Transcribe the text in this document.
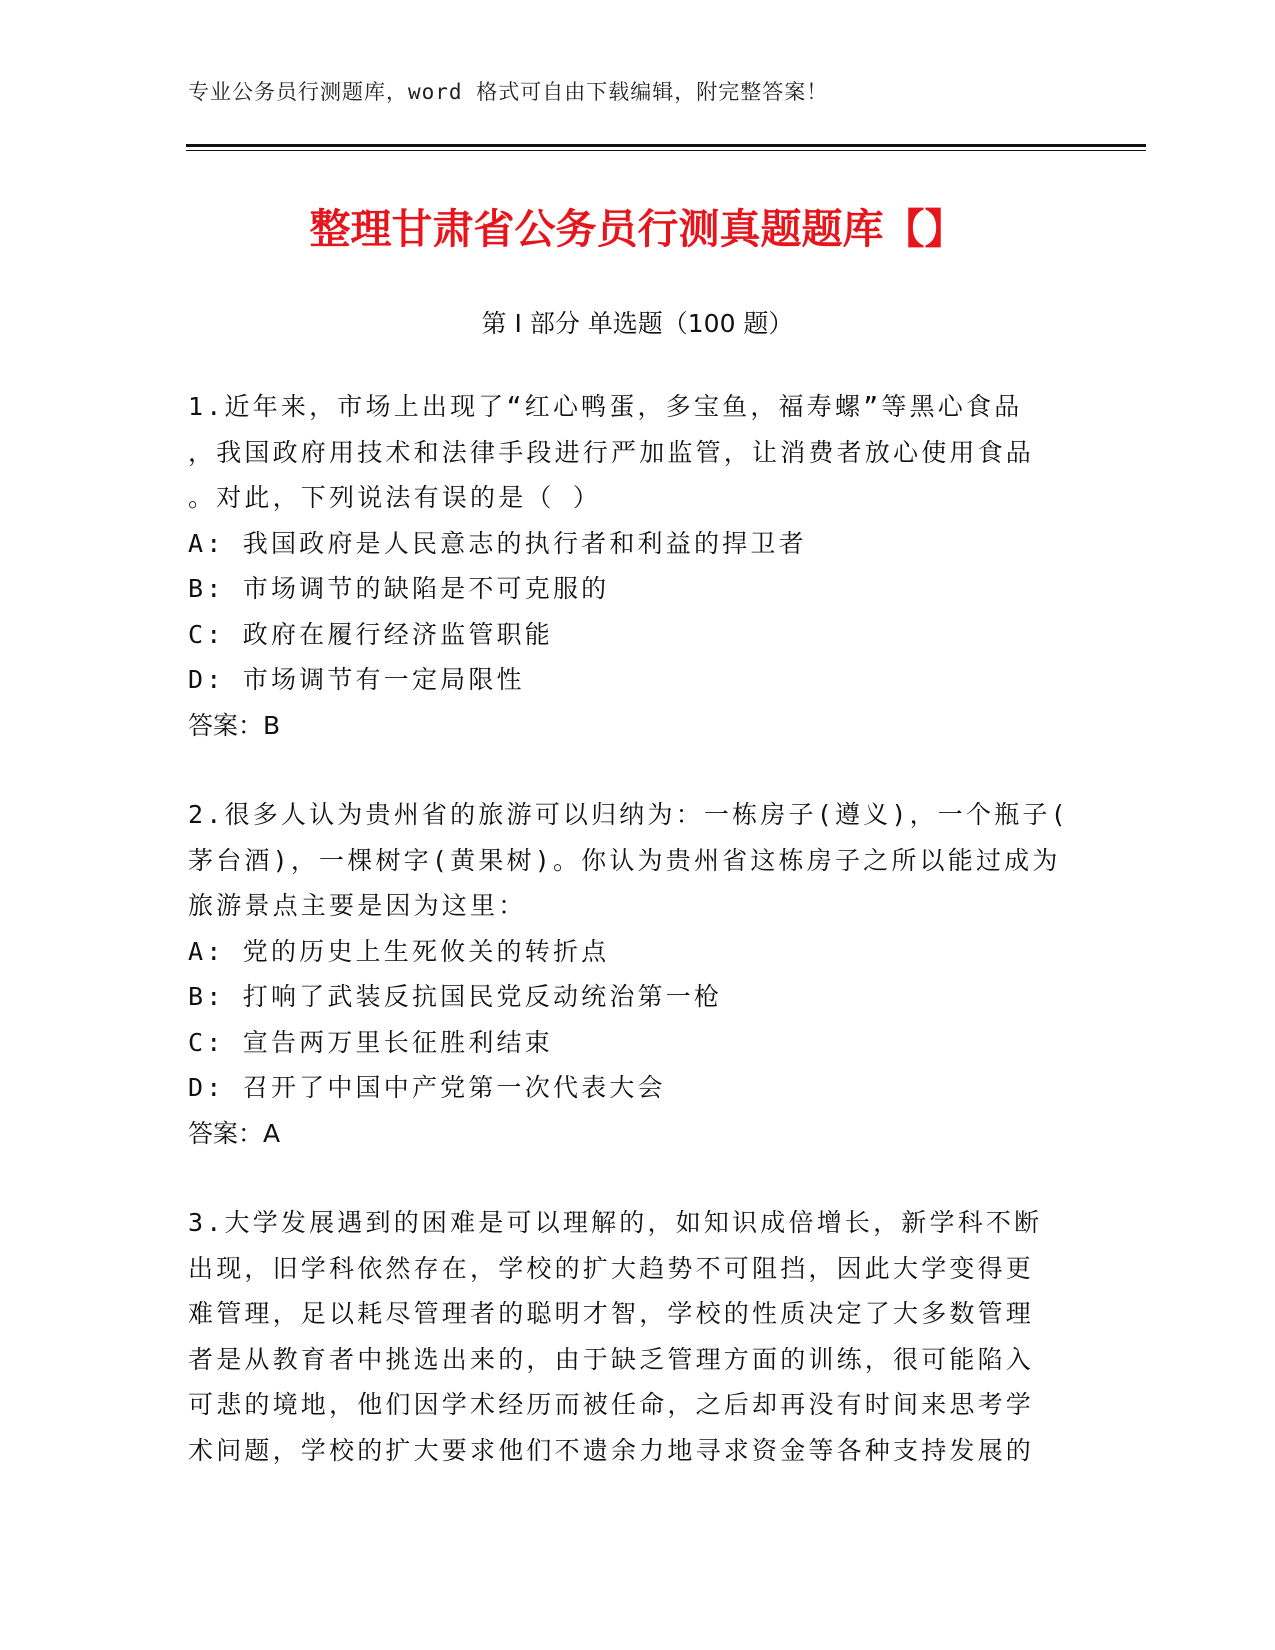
专业公务员行测题库，word 格式可自由下载编辑，附完整答案！
整理甘肃省公务员行测真题题库【】
第 I 部分 单选题（100 题）
1.近年来，市场上出现了“红心鸭蛋，多宝鱼，福寿螺”等黑心食品
，我国政府用技术和法律手段进行严加监管，让消费者放心使用食品
。对此，下列说法有误的是（ ）
A: 我国政府是人民意志的执行者和利益的捍卫者
B: 市场调节的缺陷是不可克服的
C: 政府在履行经济监管职能
D: 市场调节有一定局限性
答案：B
2.很多人认为贵州省的旅游可以归纳为：一栋房子(遵义)，一个瓶子(
茅台酒)，一棵树字(黄果树)。你认为贵州省这栋房子之所以能过成为
旅游景点主要是因为这里：
A: 党的历史上生死攸关的转折点
B: 打响了武装反抗国民党反动统治第一枪
C: 宣告两万里长征胜利结束
D: 召开了中国中产党第一次代表大会
答案：A
3.大学发展遇到的困难是可以理解的，如知识成倍增长，新学科不断
出现，旧学科依然存在，学校的扩大趋势不可阻挡，因此大学变得更
难管理，足以耗尽管理者的聪明才智，学校的性质决定了大多数管理
者是从教育者中挑选出来的，由于缺乏管理方面的训练，很可能陷入
可悲的境地，他们因学术经历而被任命，之后却再没有时间来思考学
术问题，学校的扩大要求他们不遗余力地寻求资金等各种支持发展的
